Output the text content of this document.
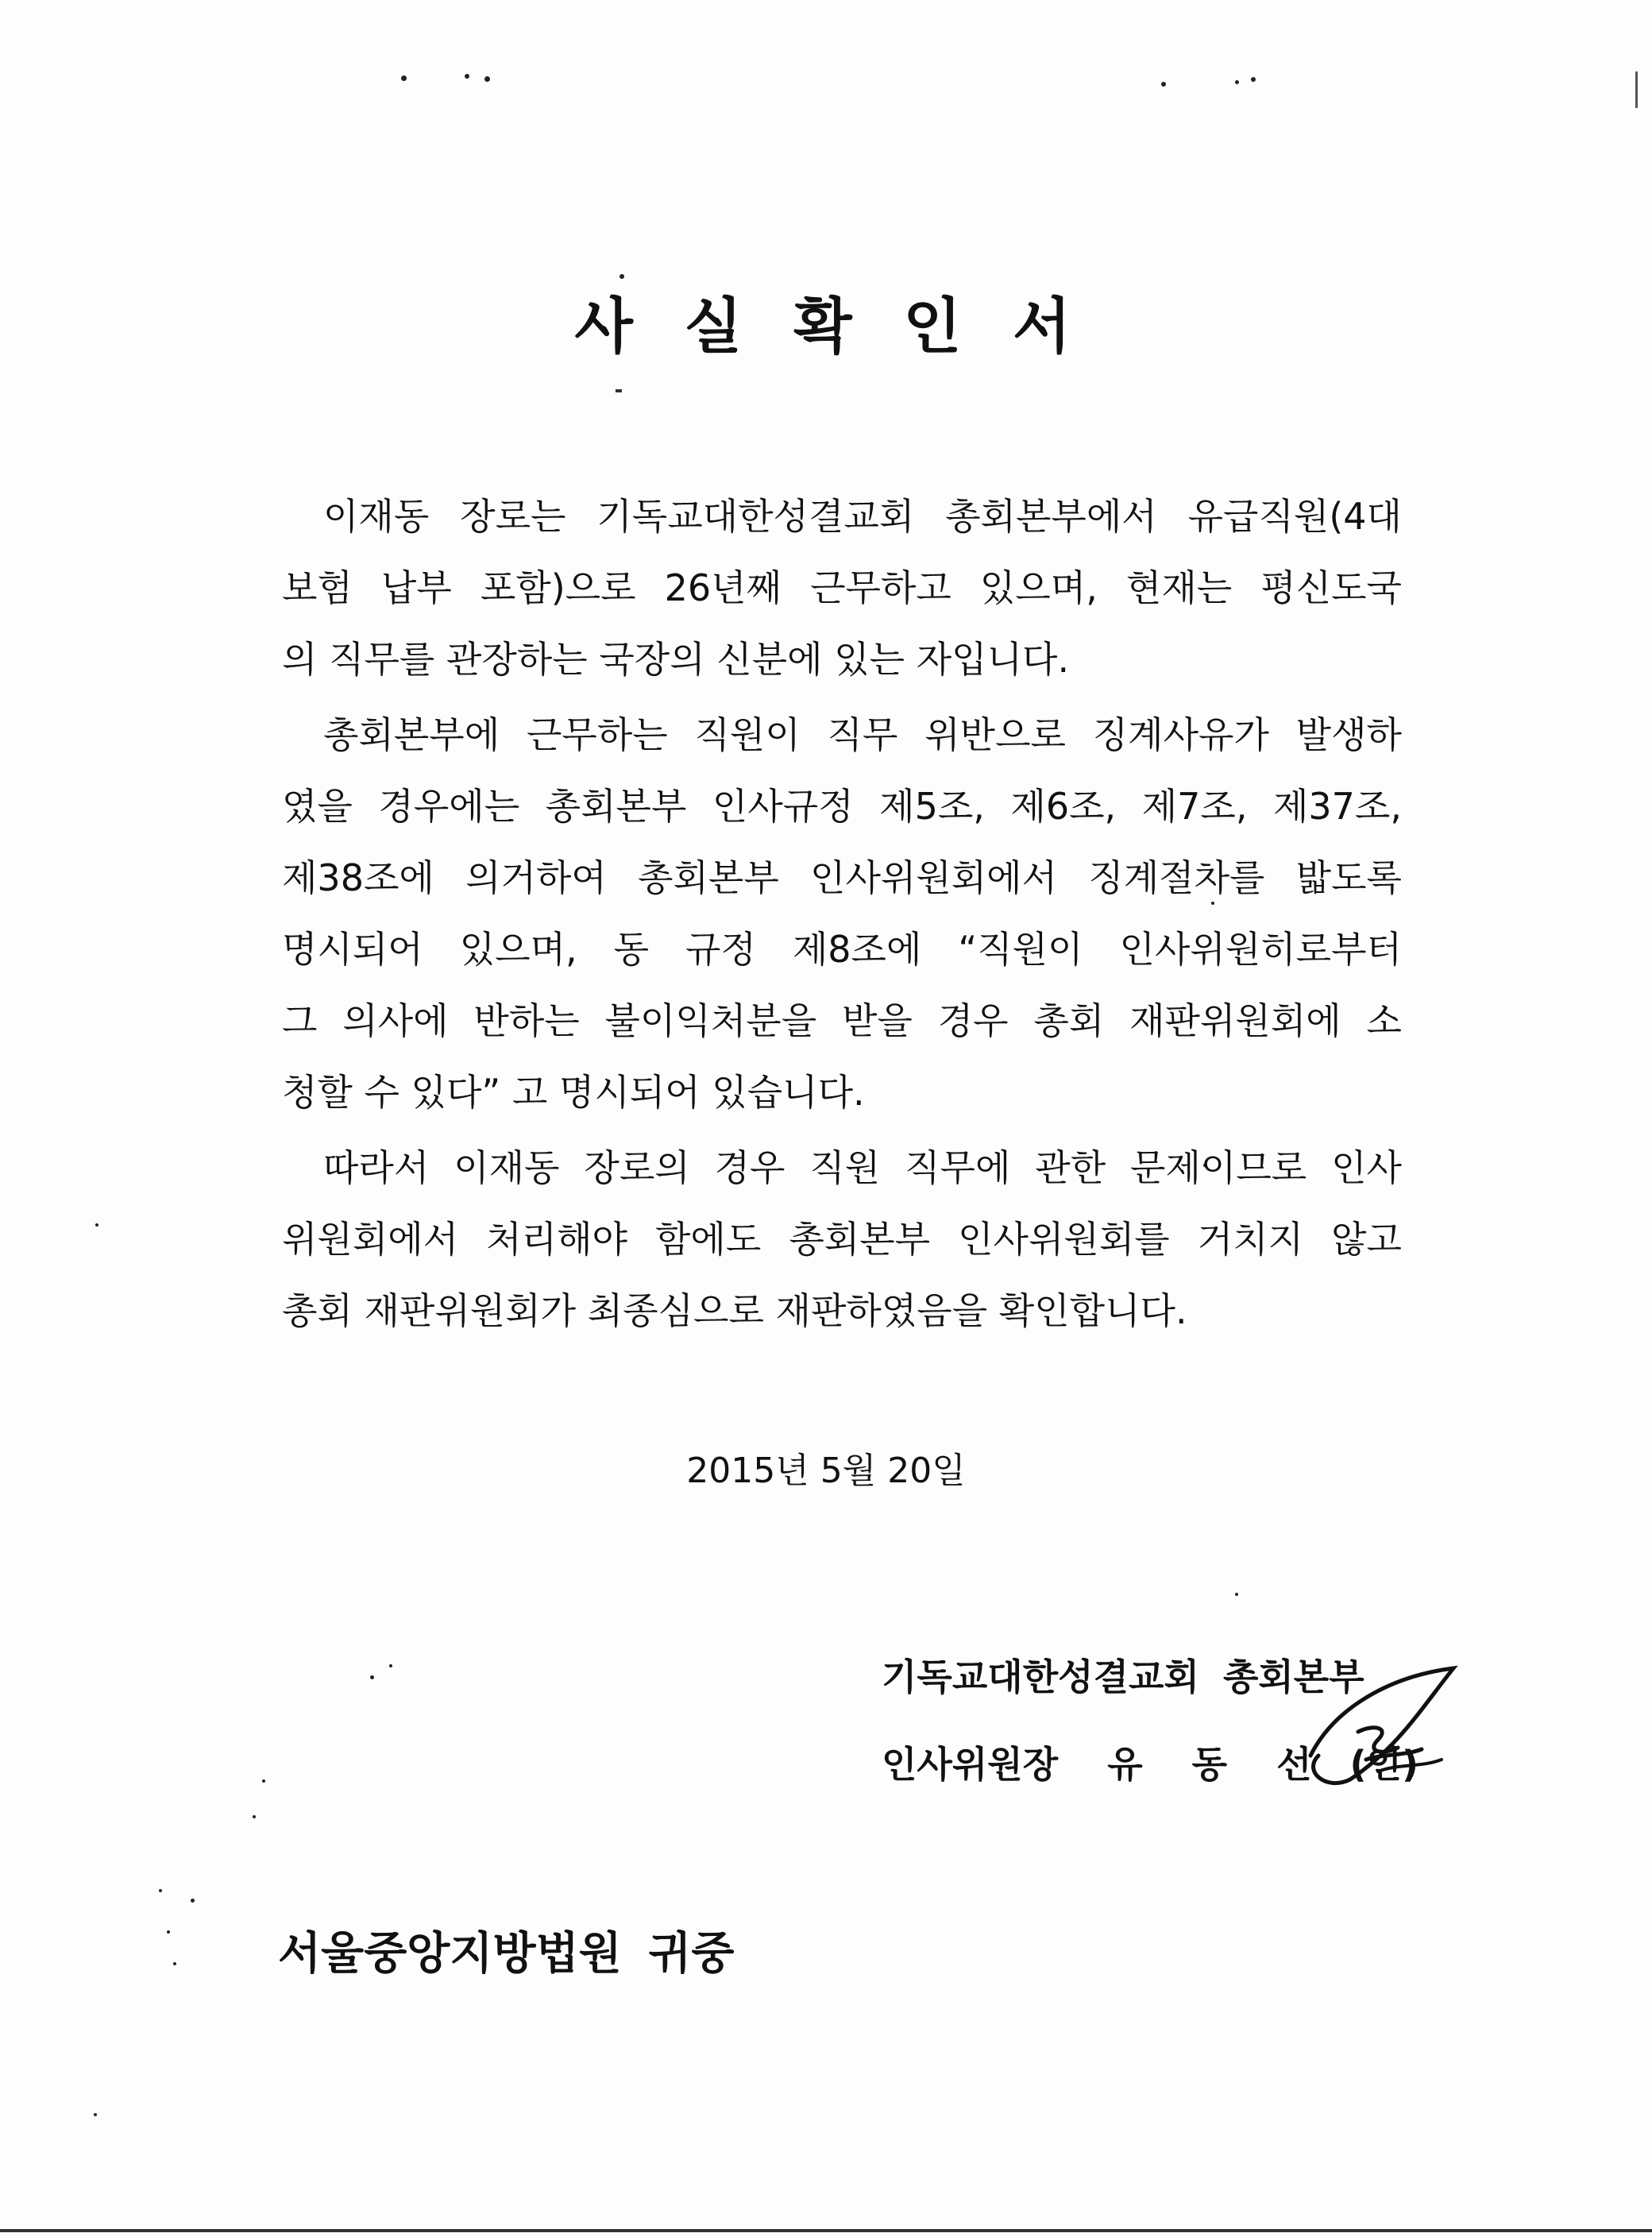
사 실 확 인 서
이재동 장로는 기독교대한성결교회 총회본부에서 유급직원(4대
보험 납부 포함)으로 26년째 근무하고 있으며, 현재는 평신도국
의 직무를 관장하는 국장의 신분에 있는 자입니다.
총회본부에 근무하는 직원이 직무 위반으로 징계사유가 발생하
였을 경우에는 총회본부 인사규정 제5조, 제6조, 제7조, 제37조,
제38조에 의거하여 총회본부 인사위원회에서 징계절차를 밟도록
명시되어 있으며, 동 규정 제8조에 “직원이 인사위원히로부터
그 의사에 반하는 불이익처분을 받을 경우 총회 재판위원회에 소
청할 수 있다” 고 명시되어 있습니다.
따라서 이재동 장로의 경우 직원 직무에 관한 문제이므로 인사
위원회에서 처리해야 함에도 총회본부 인사위원회를 거치지 않고
총회 재판위원회가 최종심으로 재판하였음을 확인합니다.
2015년 5월 20일
기독교대한성결교회 총회본부
인사위원장 유 동 선 (인)
서울중앙지방법원 귀중
